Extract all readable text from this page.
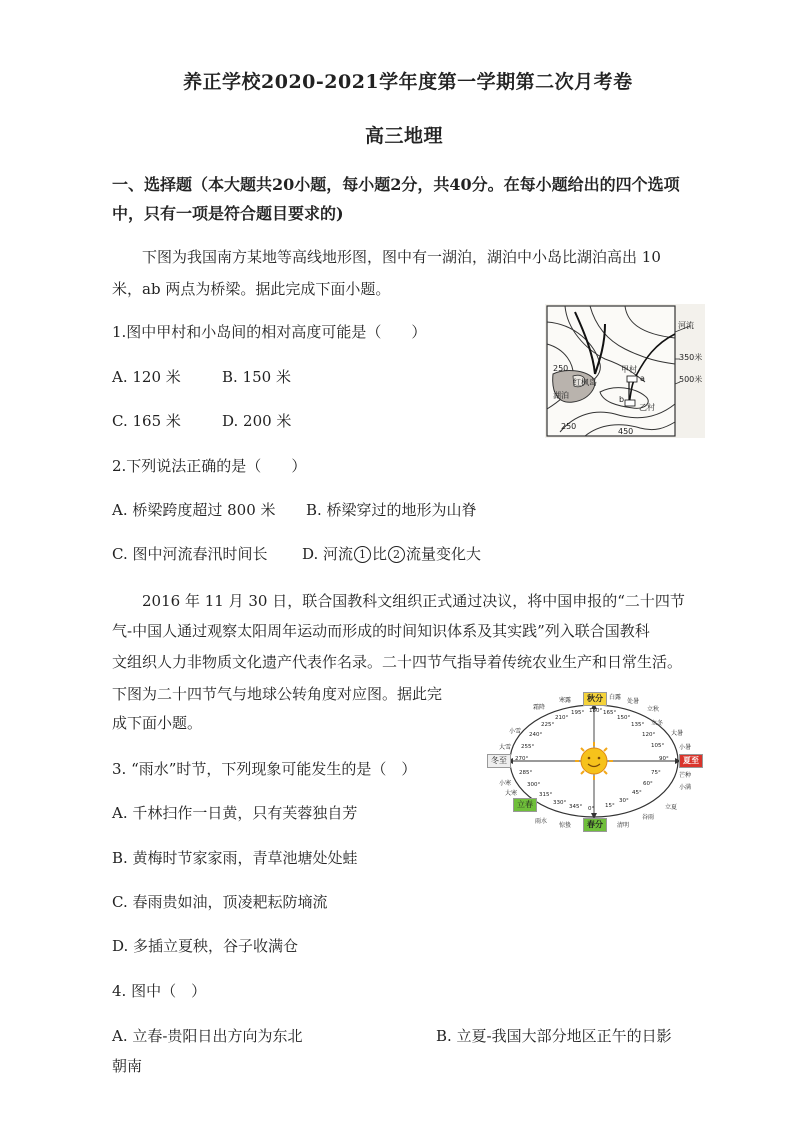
养正学校2020-2021学年度第一学期第二次月考卷
高三地理
一、选择题（本大题共20小题，每小题2分，共40分。在每小题给出的四个选项
中，只有一项是符合题目要求的)
下图为我国南方某地等高线地形图，图中有一湖泊，湖泊中小岛比湖泊高出 10
米，ab 两点为桥梁。据此完成下面小题。
1.图中甲村和小岛间的相对高度可能是（　　）
A. 120 米	B. 150 米
C. 165 米	D. 200 米
河流
350米
500米
250
250
450
湖泊
红枫岛
甲村
乙村
a
b
2.下列说法正确的是（　　）
A. 桥梁跨度超过 800 米 B. 桥梁穿过的地形为山脊
C. 图中河流春汛时间长 D. 河流 1 比 2 流量变化大
2016 年 11 月 30 日，联合国教科文组织正式通过决议，将中国申报的“二十四节
气-中国人通过观察太阳周年运动而形成的时间知识体系及其实践”列入联合国教科
文组织人力非物质文化遗产代表作名录。二十四节气指导着传统农业生产和日常生活。
下图为二十四节气与地球公转角度对应图。据此完
成下面小题。
秋分
夏至
春分
冬至
立春
寒露
霜降
立冬
小雪
大雪
小寒
大寒
雨水
惊蛰	清明
谷雨
立夏
小满
芒种
小暑
大暑
立秋
处暑
白露
180°
195°
210°
225°
240°
255°
270°
285°
300°
315°
330°
345° 0° 15°
30°
45°
60°
75°
90°
105°
120°
135°
150°
165°
3. “雨水”时节，下列现象可能发生的是（　）
A. 千林扫作一日黄，只有芙蓉独自芳
B. 黄梅时节家家雨，青草池塘处处蛙
C. 春雨贵如油，顶凌耙耘防墒流
D. 多插立夏秧，谷子收满仓
4. 图中（　）
A. 立春-贵阳日出方向为东北	B. 立夏-我国大部分地区正午的日影
朝南
